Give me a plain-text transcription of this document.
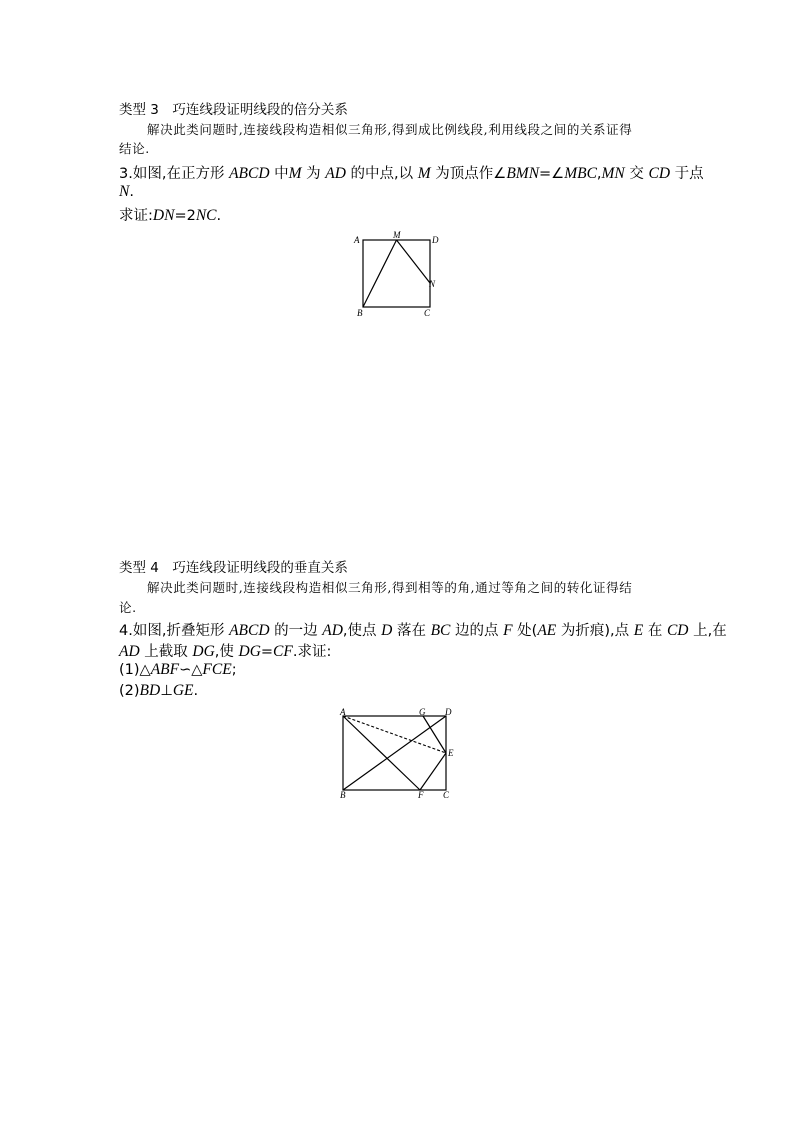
类型 3　巧连线段证明线段的倍分关系
解决此类问题时,连接线段构造相似三角形,得到成比例线段,利用线段之间的关系证得
结论.
3.如图,在正方形 ABCD 中M 为 AD 的中点,以 M 为顶点作∠BMN=∠MBC,MN 交 CD 于点
N.
求证:DN=2NC.
A	M	D
N
B	C
类型 4　巧连线段证明线段的垂直关系
解决此类问题时,连接线段构造相似三角形,得到相等的角,通过等角之间的转化证得结
论.
4.如图,折叠矩形 ABCD 的一边 AD,使点 D 落在 BC 边的点 F 处(AE 为折痕),点 E 在 CD 上,在
AD 上截取 DG,使 DG=CF.求证:
(1)△ABF∽△FCE;
(2)BD⊥GE.
A	G D
E
B	F C
